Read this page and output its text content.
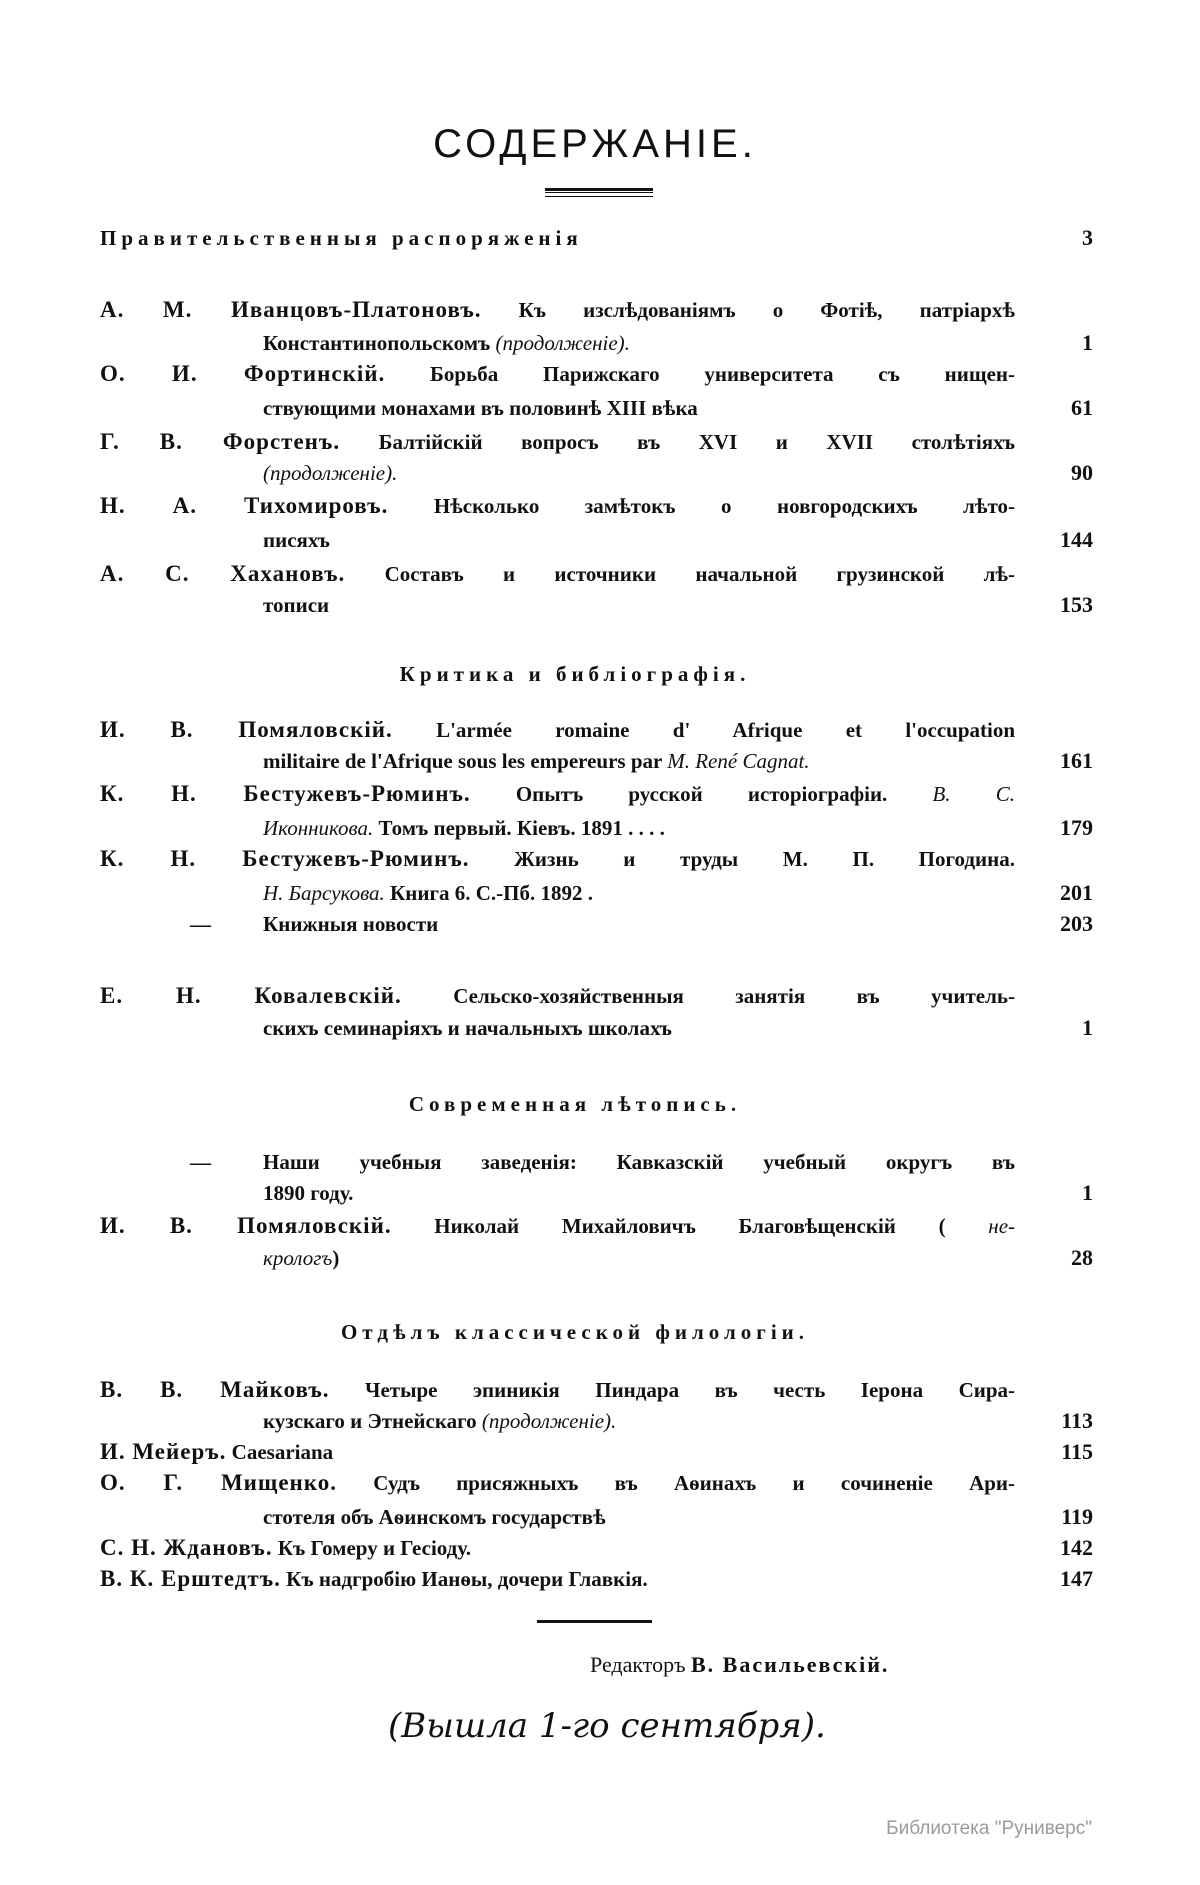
СОДЕРЖАНІЕ.
Правительственныя распоряженія	3
А. М. Иванцовъ-Платоновъ. Къ изслѣдованіямъ о Фотіѣ, патріархѣ
Константинопольскомъ (продолженіе).	1
О. И. Фортинскій. Борьба Парижскаго университета съ нищен-
ствующими монахами въ половинѣ XIII вѣка	61
Г. В. Форстенъ. Балтійскій вопросъ въ XVI и XVII столѣтіяхъ
(продолженіе).	90
Н. А. Тихомировъ. Нѣсколько замѣтокъ о новгородскихъ лѣто-
писяхъ	144
А. С. Хахановъ. Составъ и источники начальной грузинской лѣ-
тописи	153
Критика и библіографія.
И. В. Помяловскій. L'armée romaine d' Afrique et l'occupation
militaire de l'Afrique sous les empereurs par M. René Cagnat.	161
К. Н. Бестужевъ-Рюминъ. Опытъ русской исторіографіи. В. С.
Иконникова. Томъ первый. Кіевъ. 1891 . . . .	179
К. Н. Бестужевъ-Рюминъ. Жизнь и труды М. П. Погодина.
Н. Барсукова. Книга 6. С.-Пб. 1892 .	201
— Книжныя новости	203
Е. Н. Ковалевскій. Сельско-хозяйственныя занятія въ учитель-
скихъ семинаріяхъ и начальныхъ школахъ	1
Современная лѣтопись.
— Наши учебныя заведенія: Кавказскій учебный округъ въ
1890 году.	1
И. В. Помяловскій. Николай Михайловичъ Благовѣщенскій ( не-
крологъ)	28
Отдѣлъ классической филологіи.
В. В. Майковъ. Четыре эпиникія Пиндара въ честь Іерона Сира-
кузскаго и Этнейскаго (продолженіе).	113
И. Мейеръ. Caesariana	115
О. Г. Мищенко. Судъ присяжныхъ въ Аѳинахъ и сочиненіе Ари-
стотеля объ Аѳинскомъ государствѣ	119
С. Н. Ждановъ. Къ Гомеру и Гесіоду.	142
В. К. Ерштедтъ. Къ надгробію Ианѳы, дочери Главкія.	147
Редакторъ В. Васильевскій.
(Вышла 1-го сентября).
Библиотека "Руниверс"
